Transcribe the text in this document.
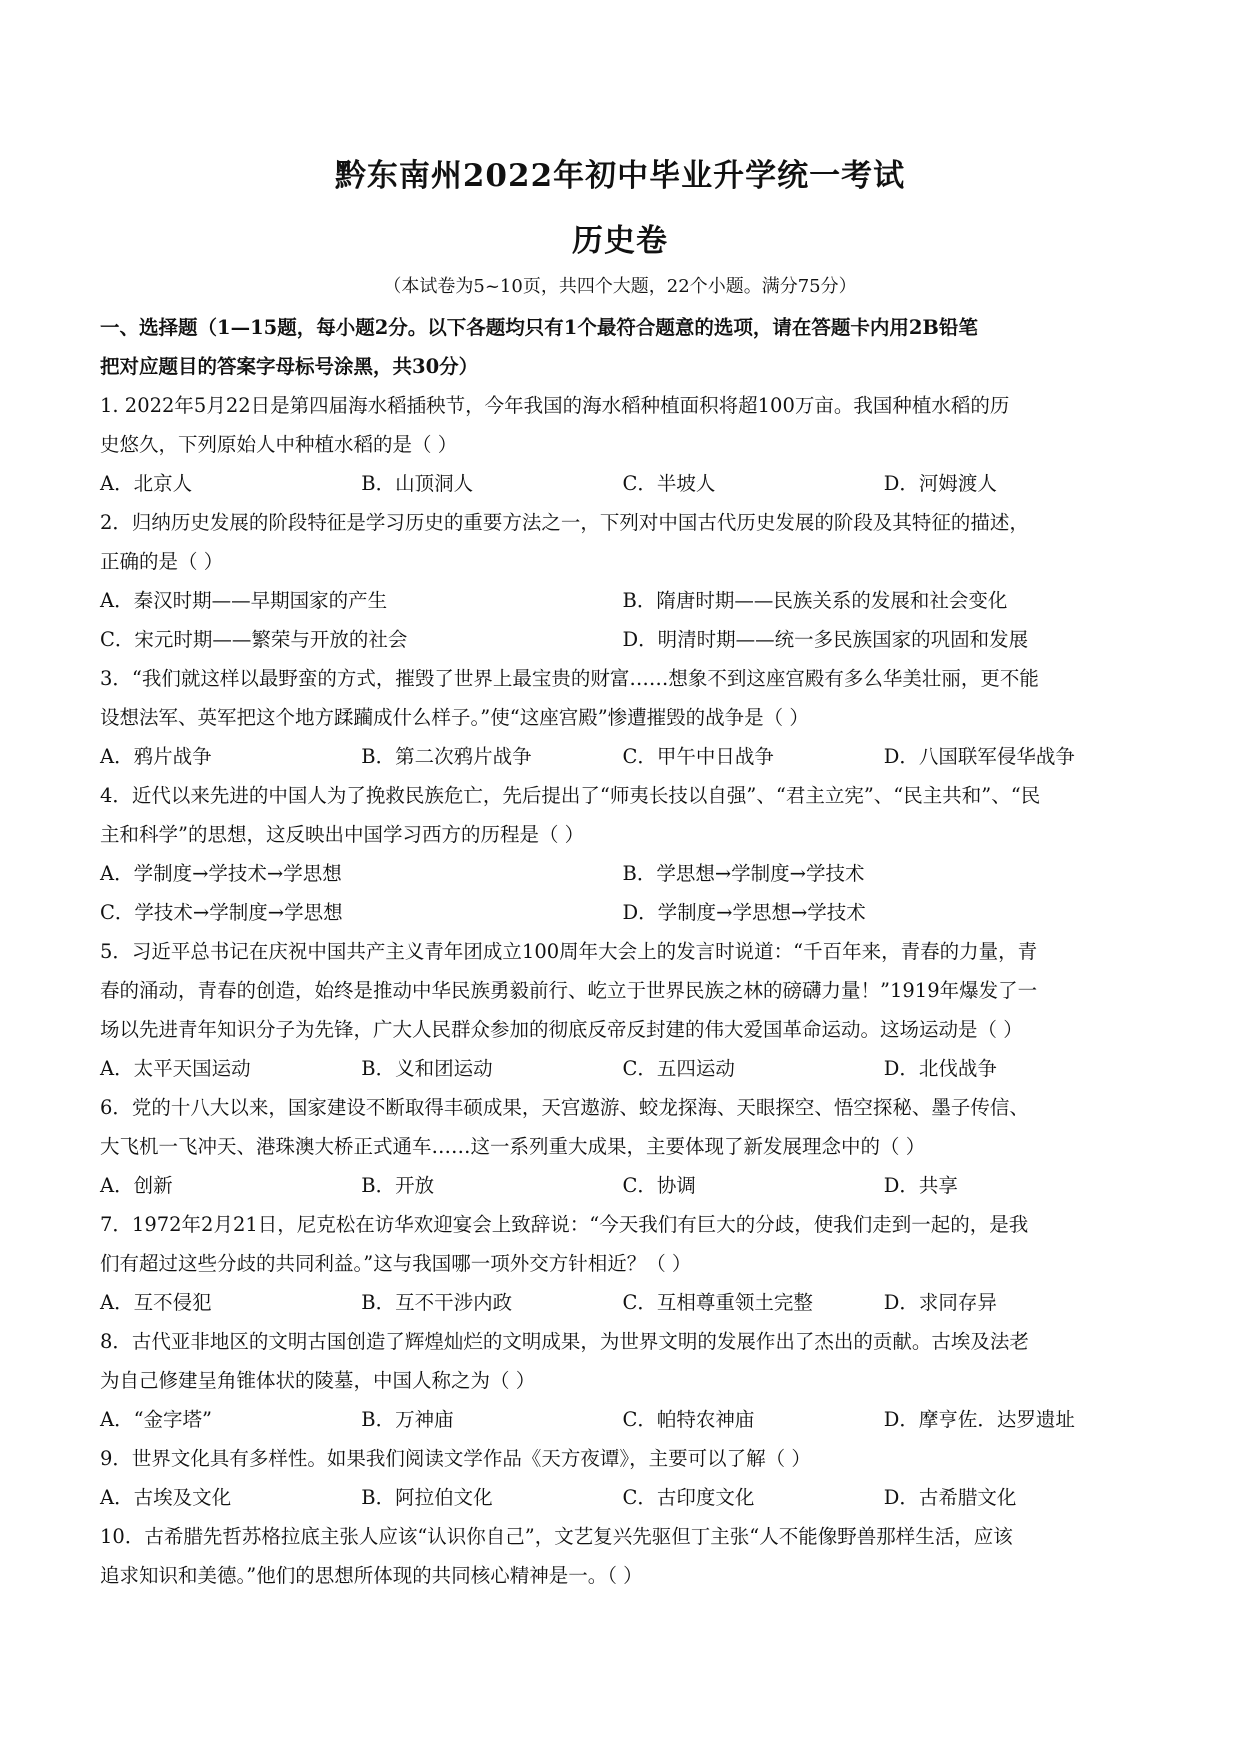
黔东南州2022年初中毕业升学统一考试
历史卷
（本试卷为5~10页，共四个大题，22个小题。满分75分）

一、选择题（1—15题，每小题2分。以下各题均只有1个最符合题意的选项，请在答题卡内用2B铅笔

把对应题目的答案字母标号涂黑，共30分）

1. 2022年5月22日是第四届海水稻插秧节，今年我国的海水稻种植面积将超100万亩。我国种植水稻的历

史悠久，下列原始人中种植水稻的是（ ）

A．北京人	B．山顶洞人	C．半坡人	D．河姆渡人

2．归纳历史发展的阶段特征是学习历史的重要方法之一，下列对中国古代历史发展的阶段及其特征的描述，

正确的是（ ）

A．秦汉时期——早期国家的产生	B．隋唐时期——民族关系的发展和社会变化
C．宋元时期——繁荣与开放的社会	D．明清时期——统一多民族国家的巩固和发展

3．“我们就这样以最野蛮的方式，摧毁了世界上最宝贵的财富……想象不到这座宫殿有多么华美壮丽，更不能

设想法军、英军把这个地方蹂躏成什么样子。”使“这座宫殿”惨遭摧毁的战争是（ ）

A．鸦片战争	B．第二次鸦片战争	C．甲午中日战争	D．八国联军侵华战争

4．近代以来先进的中国人为了挽救民族危亡，先后提出了“师夷长技以自强”、“君主立宪”、“民主共和”、“民

主和科学”的思想，这反映出中国学习西方的历程是（ ）

A．学制度→学技术→学思想	B．学思想→学制度→学技术
C．学技术→学制度→学思想	D．学制度→学思想→学技术

5．习近平总书记在庆祝中国共产主义青年团成立100周年大会上的发言时说道：“千百年来，青春的力量，青

春的涌动，青春的创造，始终是推动中华民族勇毅前行、屹立于世界民族之林的磅礴力量！”1919年爆发了一

场以先进青年知识分子为先锋，广大人民群众参加的彻底反帝反封建的伟大爱国革命运动。这场运动是（ ）

A．太平天国运动	B．义和团运动	C．五四运动	D．北伐战争

6．党的十八大以来，国家建设不断取得丰硕成果，天宫遨游、蛟龙探海、天眼探空、悟空探秘、墨子传信、

大飞机一飞冲天、港珠澳大桥正式通车……这一系列重大成果，主要体现了新发展理念中的（ ）

A．创新	B．开放	C．协调	D．共享

7．1972年2月21日，尼克松在访华欢迎宴会上致辞说：“今天我们有巨大的分歧，使我们走到一起的，是我

们有超过这些分歧的共同利益。”这与我国哪一项外交方针相近？（ ）

A．互不侵犯	B．互不干涉内政	C．互相尊重领土完整	D．求同存异

8．古代亚非地区的文明古国创造了辉煌灿烂的文明成果，为世界文明的发展作出了杰出的贡献。古埃及法老

为自己修建呈角锥体状的陵墓，中国人称之为（ ）

A．“金字塔”	B．万神庙	C．帕特农神庙	D．摩亨佐．达罗遗址

9．世界文化具有多样性。如果我们阅读文学作品《天方夜谭》，主要可以了解（ ）

A．古埃及文化	B．阿拉伯文化	C．古印度文化	D．古希腊文化

10．古希腊先哲苏格拉底主张人应该“认识你自己”，文艺复兴先驱但丁主张“人不能像野兽那样生活，应该

追求知识和美德。”他们的思想所体现的共同核心精神是一。（ ）
